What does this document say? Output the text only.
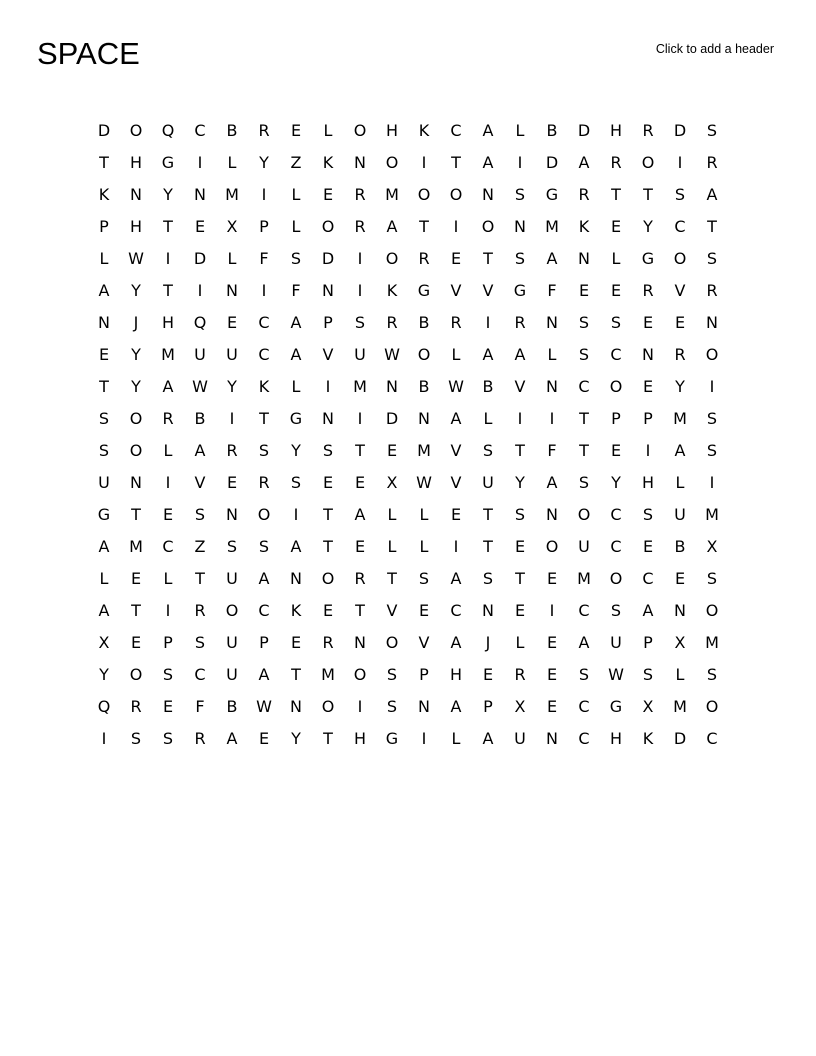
SPACE	Click to add a header
D	O	Q	C	B	R	E	L	O	H	K	C	A	L	B	D	H	R	D	S
T	H	G	I	L	Y	Z	K	N	O	I	T	A	I	D	A	R	O	I	R
K	N	Y	N	M	I	L	E	R	M	O	O	N	S	G	R	T	T	S	A
P	H	T	E	X	P	L	O	R	A	T	I	O	N	M	K	E	Y	C	T
L	W	I	D	L	F	S	D	I	O	R	E	T	S	A	N	L	G	O	S
A	Y	T	I	N	I	F	N	I	K	G	V	V	G	F	E	E	R	V	R
N	J	H	Q	E	C	A	P	S	R	B	R	I	R	N	S	S	E	E	N
E	Y	M	U	U	C	A	V	U	W	O	L	A	A	L	S	C	N	R	O
T	Y	A	W	Y	K	L	I	M	N	B	W	B	V	N	C	O	E	Y	I
S	O	R	B	I	T	G	N	I	D	N	A	L	I	I	T	P	P	M	S
S	O	L	A	R	S	Y	S	T	E	M	V	S	T	F	T	E	I	A	S
U	N	I	V	E	R	S	E	E	X	W	V	U	Y	A	S	Y	H	L	I
G	T	E	S	N	O	I	T	A	L	L	E	T	S	N	O	C	S	U	M
A	M	C	Z	S	S	A	T	E	L	L	I	T	E	O	U	C	E	B	X
L	E	L	T	U	A	N	O	R	T	S	A	S	T	E	M	O	C	E	S
A	T	I	R	O	C	K	E	T	V	E	C	N	E	I	C	S	A	N	O
X	E	P	S	U	P	E	R	N	O	V	A	J	L	E	A	U	P	X	M
Y	O	S	C	U	A	T	M	O	S	P	H	E	R	E	S	W	S	L	S
Q	R	E	F	B	W	N	O	I	S	N	A	P	X	E	C	G	X	M	O
I	S	S	R	A	E	Y	T	H	G	I	L	A	U	N	C	H	K	D	C
